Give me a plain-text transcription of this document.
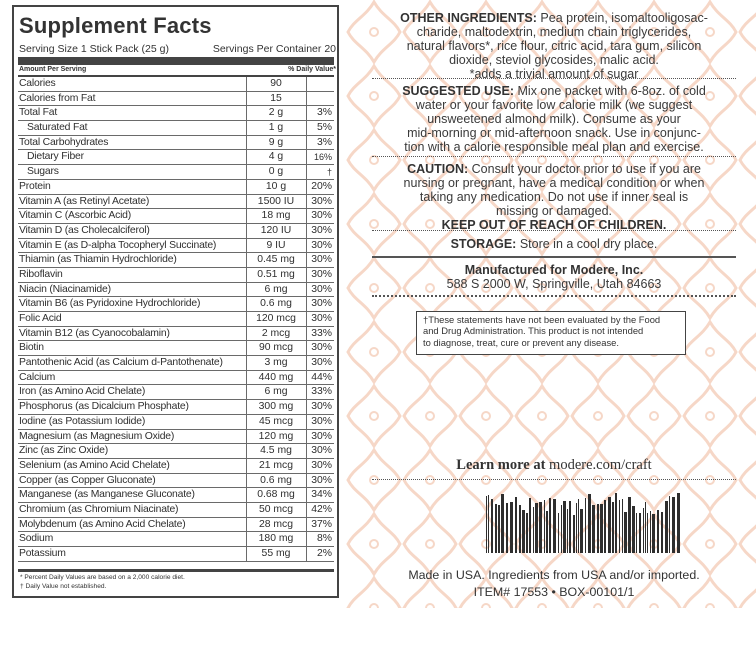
Supplement Facts
Serving Size 1 Stick Pack (25 g)	Servings Per Container 20
Amount Per Serving	% Daily Value*
Calories	90
Calories from Fat	15
Total Fat	2 g	3%
Saturated Fat	1 g	5%
Total Carbohydrates	9 g	3%
Dietary Fiber	4 g	16%
Sugars	0 g	†
Protein	10 g	20%
Vitamin A (as Retinyl Acetate)	1500 IU	30%
Vitamin C (Ascorbic Acid)	18 mg	30%
Vitamin D (as Cholecalciferol)	120 IU	30%
Vitamin E (as D-alpha Tocopheryl Succinate)	9 IU	30%
Thiamin (as Thiamin Hydrochloride)	0.45 mg	30%
Riboflavin	0.51 mg	30%
Niacin (Niacinamide)	6 mg	30%
Vitamin B6 (as Pyridoxine Hydrochloride)	0.6 mg	30%
Folic Acid	120 mcg	30%
Vitamin B12 (as Cyanocobalamin)	2 mcg	33%
Biotin	90 mcg	30%
Pantothenic Acid (as Calcium d-Pantothenate)	3 mg	30%
Calcium	440 mg	44%
Iron (as Amino Acid Chelate)	6 mg	33%
Phosphorus (as Dicalcium Phosphate)	300 mg	30%
Iodine (as Potassium Iodide)	45 mcg	30%
Magnesium (as Magnesium Oxide)	120 mg	30%
Zinc (as Zinc Oxide)	4.5 mg	30%
Selenium (as Amino Acid Chelate)	21 mcg	30%
Copper (as Copper Gluconate)	0.6 mg	30%
Manganese (as Manganese Gluconate)	0.68 mg	34%
Chromium (as Chromium Niacinate)	50 mcg	42%
Molybdenum (as Amino Acid Chelate)	28 mcg	37%
Sodium	180 mg	8%
Potassium	55 mg	2%
* Percent Daily Values are based on a 2,000 calorie diet.
† Daily Value not established.
OTHER INGREDIENTS: Pea protein, isomaltooligosac-
charide, maltodextrin, medium chain triglycerides,
natural flavors*, rice flour, citric acid, tara gum, silicon
dioxide, steviol glycosides, malic acid.
*adds a trivial amount of sugar
SUGGESTED USE: Mix one packet with 6-8oz. of cold
water or your favorite low calorie milk (we suggest
unsweetened almond milk). Consume as your
mid-morning or mid-afternoon snack. Use in conjunc-
tion with a calorie responsible meal plan and exercise.
CAUTION: Consult your doctor prior to use if you are
nursing or pregnant, have a medical condition or when
taking any medication. Do not use if inner seal is
missing or damaged.
KEEP OUT OF REACH OF CHILDREN.
STORAGE: Store in a cool dry place.
Manufactured for Modere, Inc.
588 S 2000 W, Springville, Utah 84663
†These statements have not been evaluated by the Food
and Drug Administration. This product is not intended
to diagnose, treat, cure or prevent any disease.
Learn more at modere.com/craft
Made in USA. Ingredients from USA and/or imported.
ITEM# 17553 • BOX-00101/1
